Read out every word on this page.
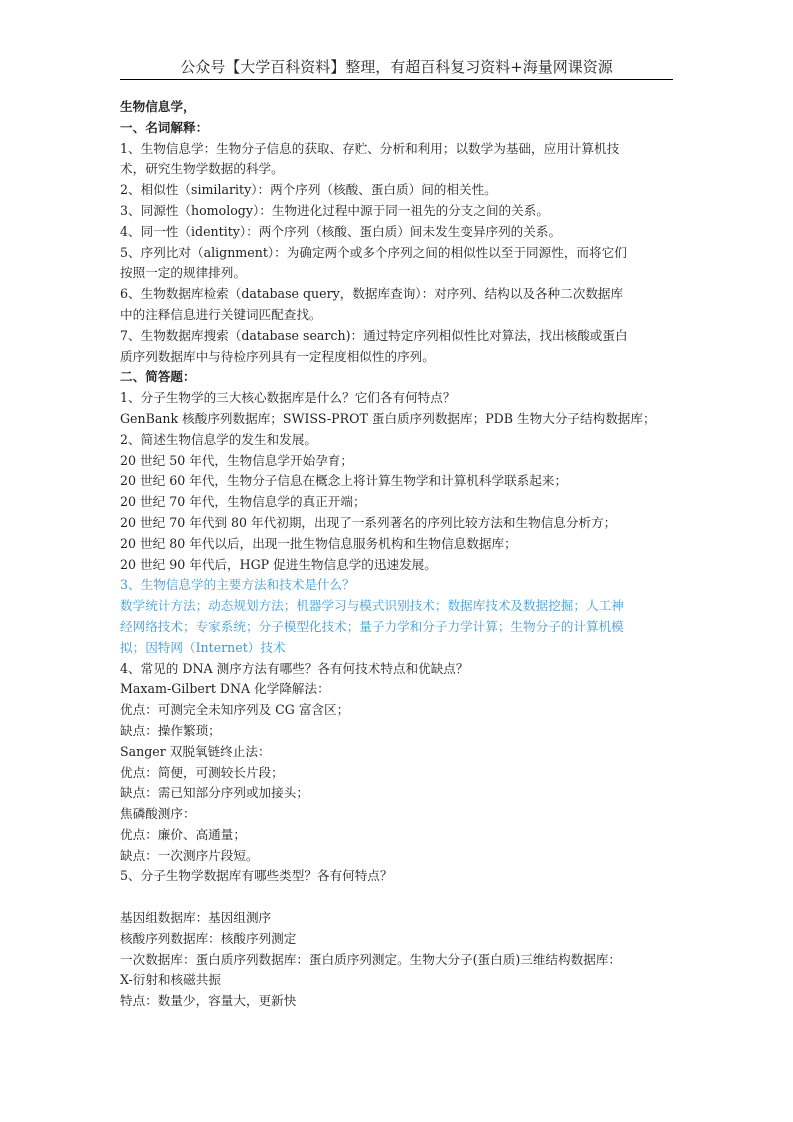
公众号【大学百科资料】整理，有超百科复习资料+海量网课资源
生物信息学，
一、名词解释：
1、生物信息学：生物分子信息的获取、存贮、分析和利用；以数学为基础，应用计算机技
术，研究生物学数据的科学。
2、相似性（similarity）：两个序列（核酸、蛋白质）间的相关性。
3、同源性（homology）：生物进化过程中源于同一祖先的分支之间的关系。
4、同一性（identity）：两个序列（核酸、蛋白质）间未发生变异序列的关系。
5、序列比对（alignment）：为确定两个或多个序列之间的相似性以至于同源性，而将它们
按照一定的规律排列。
6、生物数据库检索（database query，数据库查询）：对序列、结构以及各种二次数据库
中的注释信息进行关键词匹配查找。
7、生物数据库搜索（database search)：通过特定序列相似性比对算法，找出核酸或蛋白
质序列数据库中与待检序列具有一定程度相似性的序列。
二、简答题：
1、分子生物学的三大核心数据库是什么？它们各有何特点？
GenBank 核酸序列数据库；SWISS-PROT 蛋白质序列数据库；PDB 生物大分子结构数据库；
2、简述生物信息学的发生和发展。
20 世纪 50 年代，生物信息学开始孕育；
20 世纪 60 年代，生物分子信息在概念上将计算生物学和计算机科学联系起来；
20 世纪 70 年代，生物信息学的真正开端；
20 世纪 70 年代到 80 年代初期，出现了一系列著名的序列比较方法和生物信息分析方；
20 世纪 80 年代以后，出现一批生物信息服务机构和生物信息数据库；
20 世纪 90 年代后，HGP 促进生物信息学的迅速发展。
3、生物信息学的主要方法和技术是什么？
数学统计方法；动态规划方法；机器学习与模式识别技术；数据库技术及数据挖掘；人工神
经网络技术；专家系统；分子模型化技术；量子力学和分子力学计算；生物分子的计算机模
拟；因特网（Internet）技术
4、常见的 DNA 测序方法有哪些？各有何技术特点和优缺点？
Maxam-Gilbert DNA 化学降解法：
优点：可测完全未知序列及 CG 富含区；
缺点：操作繁琐；
Sanger 双脱氧链终止法：
优点：简便，可测较长片段；
缺点：需已知部分序列或加接头；
焦磷酸测序：
优点：廉价、高通量；
缺点：一次测序片段短。
5、分子生物学数据库有哪些类型？各有何特点？
基因组数据库：基因组测序
核酸序列数据库：核酸序列测定
一次数据库：蛋白质序列数据库：蛋白质序列测定。生物大分子(蛋白质)三维结构数据库：
X-衍射和核磁共振
特点：数量少，容量大，更新快
